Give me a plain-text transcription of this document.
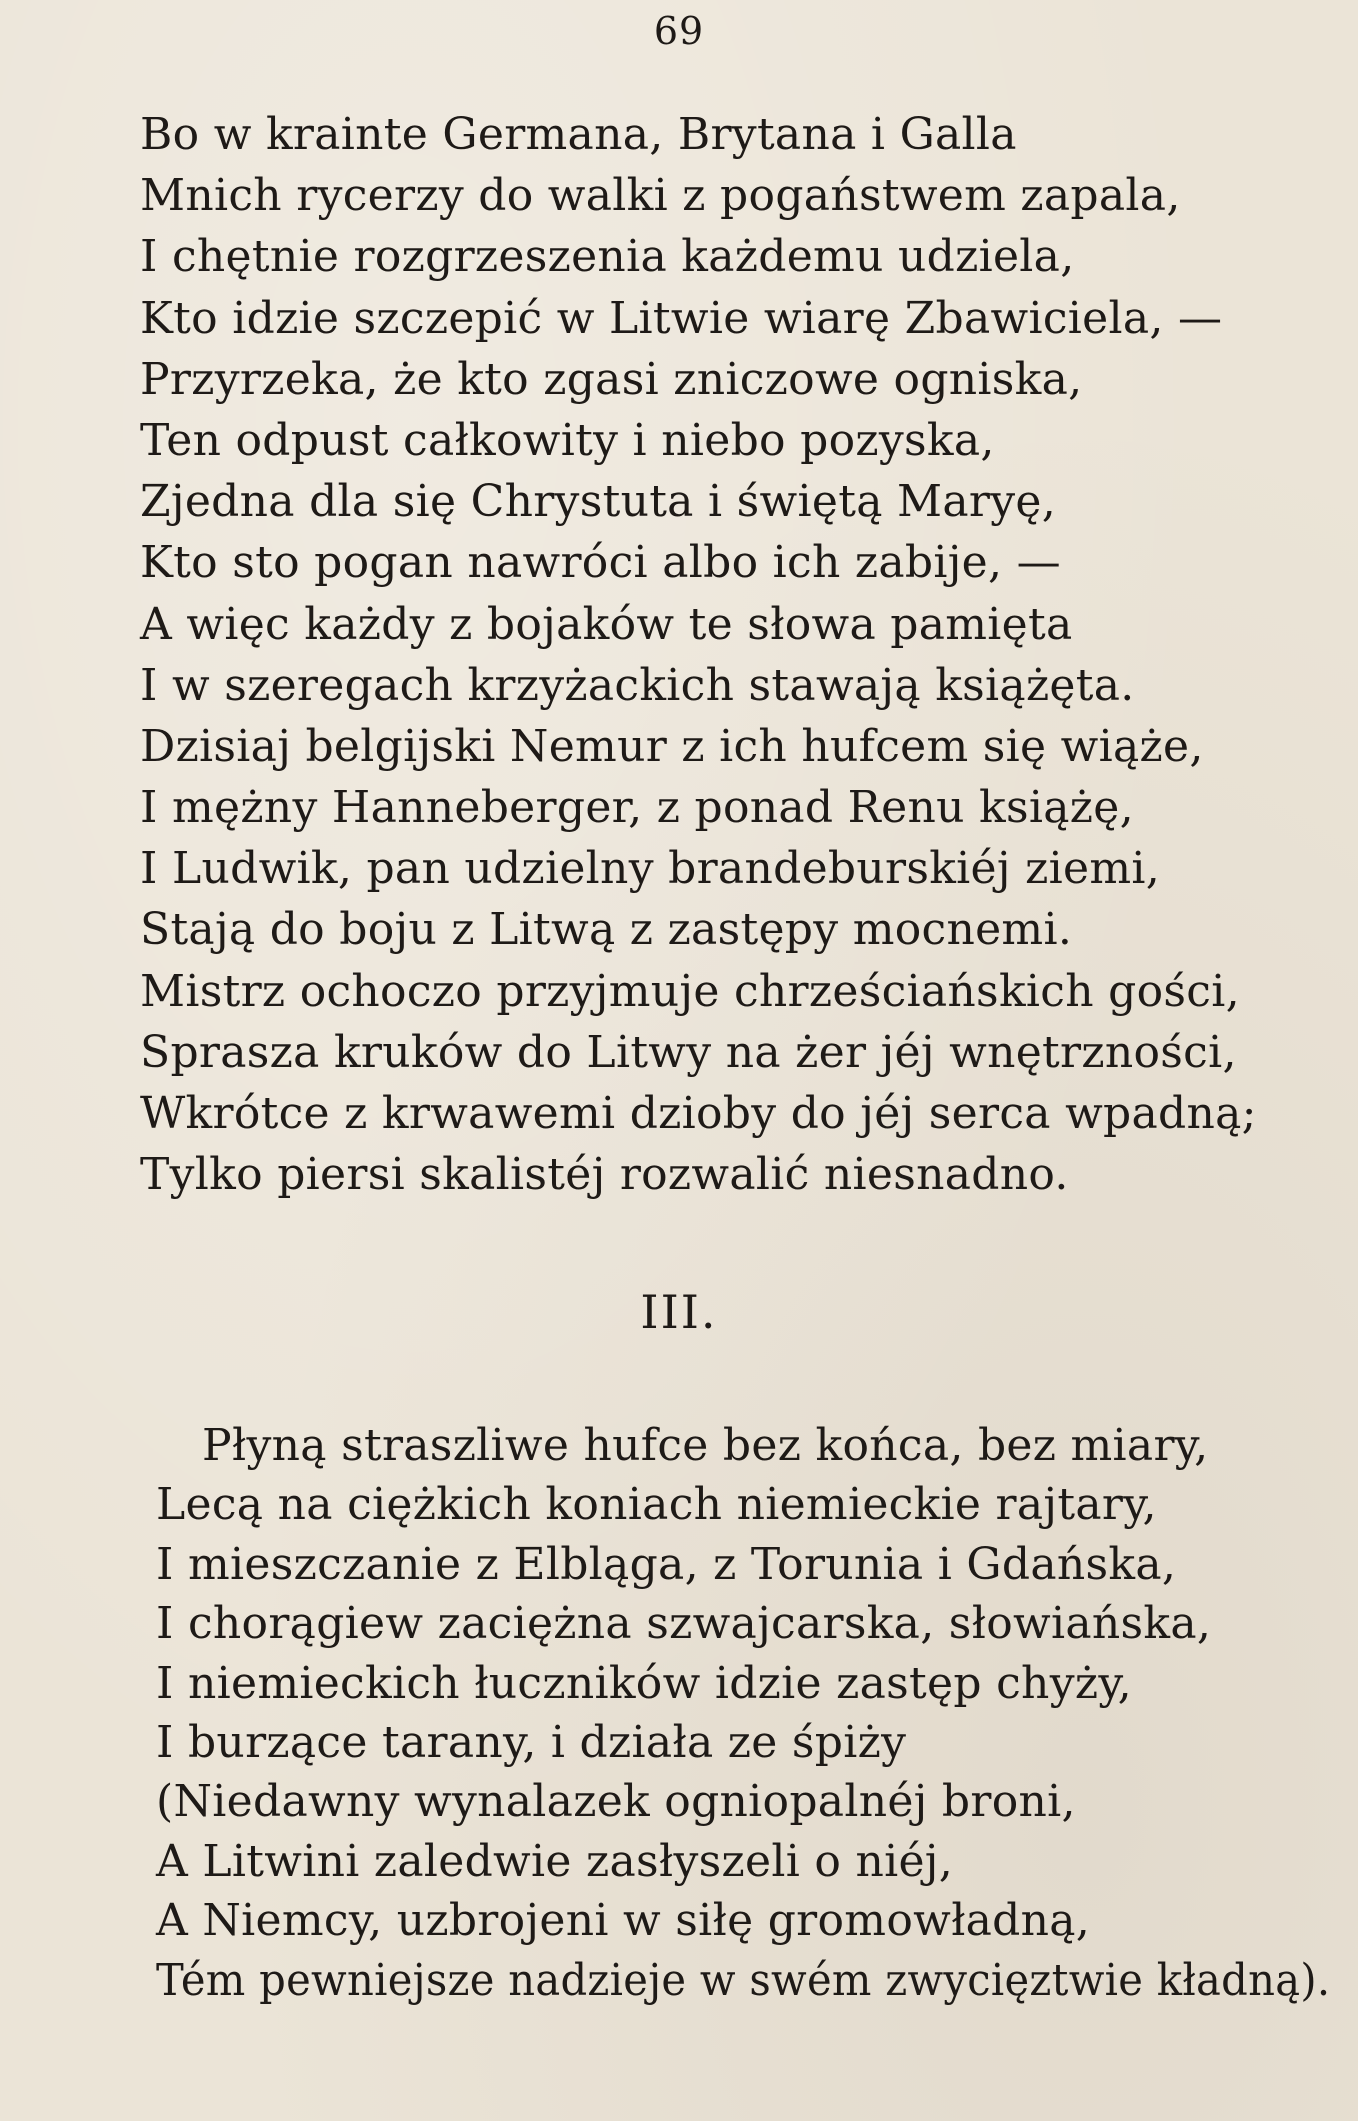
69
Bo w krainte Germana, Brytana i Galla
Mnich rycerzy do walki z pogaństwem zapala,
I chętnie rozgrzeszenia każdemu udziela,
Kto idzie szczepić w Litwie wiarę Zbawiciela, —
Przyrzeka, że kto zgasi zniczowe ogniska,
Ten odpust całkowity i niebo pozyska,
Zjedna dla się Chrystuta i świętą Maryę,
Kto sto pogan nawróci albo ich zabije, —
A więc każdy z bojaków te słowa pamięta
I w szeregach krzyżackich stawają książęta.
Dzisiaj belgijski Nemur z ich hufcem się wiąże,
I mężny Hanneberger, z ponad Renu książę,
I Ludwik, pan udzielny brandeburskiéj ziemi,
Stają do boju z Litwą z zastępy mocnemi.
Mistrz ochoczo przyjmuje chrześciańskich gości,
Sprasza kruków do Litwy na żer jéj wnętrzności,
Wkrótce z krwawemi dzioby do jéj serca wpadną;
Tylko piersi skalistéj rozwalić niesnadno.
III.
Płyną straszliwe hufce bez końca, bez miary,
Lecą na ciężkich koniach niemieckie rajtary,
I mieszczanie z Elbląga, z Torunia i Gdańska,
I chorągiew zaciężna szwajcarska, słowiańska,
I niemieckich łuczników idzie zastęp chyży,
I burzące tarany, i działa ze śpiży
(Niedawny wynalazek ogniopalnéj broni,
A Litwini zaledwie zasłyszeli o niéj,
A Niemcy, uzbrojeni w siłę gromowładną,
Tém pewniejsze nadzieje w swém zwycięztwie kładną).
